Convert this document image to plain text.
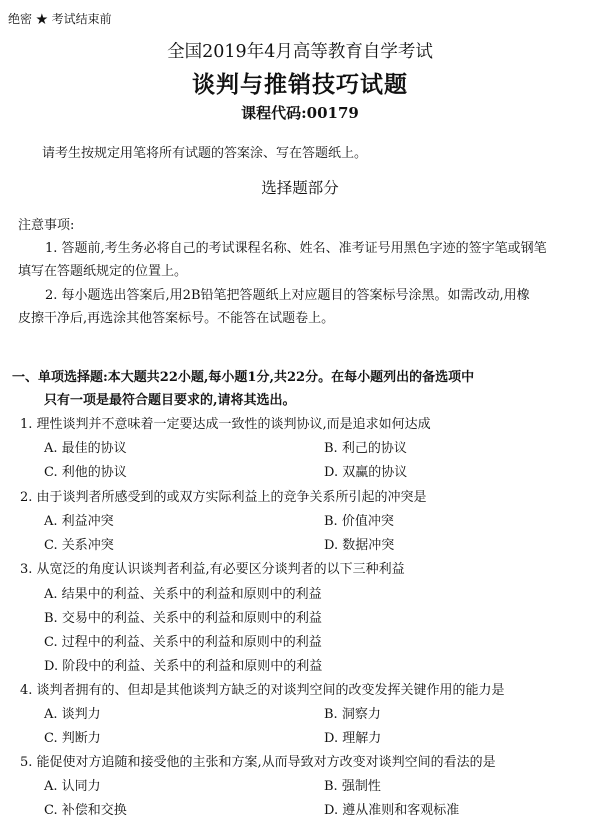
绝密 ★ 考试结束前
全国2019年4月高等教育自学考试
谈判与推销技巧试题
课程代码:00179
请考生按规定用笔将所有试题的答案涂、写在答题纸上。
选择题部分
注意事项:
1. 答题前,考生务必将自己的考试课程名称、姓名、准考证号用黑色字迹的签字笔或钢笔
填写在答题纸规定的位置上。
2. 每小题选出答案后,用2B铅笔把答题纸上对应题目的答案标号涂黑。如需改动,用橡
皮擦干净后,再选涂其他答案标号。不能答在试题卷上。
一、单项选择题:本大题共22小题,每小题1分,共22分。在每小题列出的备选项中
只有一项是最符合题目要求的,请将其选出。
1. 理性谈判并不意味着一定要达成一致性的谈判协议,而是追求如何达成
A. 最佳的协议	B. 利己的协议
C. 利他的协议	D. 双赢的协议
2. 由于谈判者所感受到的或双方实际利益上的竞争关系所引起的冲突是
A. 利益冲突	B. 价值冲突
C. 关系冲突	D. 数据冲突
3. 从宽泛的角度认识谈判者利益,有必要区分谈判者的以下三种利益
A. 结果中的利益、关系中的利益和原则中的利益
B. 交易中的利益、关系中的利益和原则中的利益
C. 过程中的利益、关系中的利益和原则中的利益
D. 阶段中的利益、关系中的利益和原则中的利益
4. 谈判者拥有的、但却是其他谈判方缺乏的对谈判空间的改变发挥关键作用的能力是
A. 谈判力	B. 洞察力
C. 判断力	D. 理解力
5. 能促使对方追随和接受他的主张和方案,从而导致对方改变对谈判空间的看法的是
A. 认同力	B. 强制性
C. 补偿和交换	D. 遵从准则和客观标准
